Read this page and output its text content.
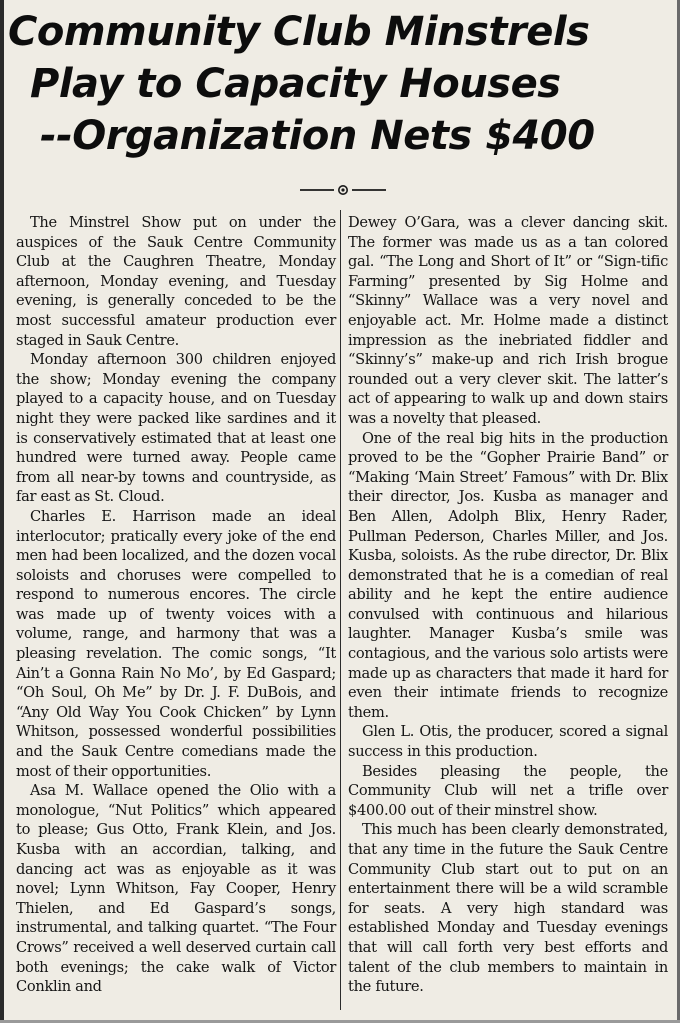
Community Club Minstrels
Play to Capacity Houses
--Organization Nets $400

The Minstrel Show put on under the auspices of the Sauk Centre Community Club at the Caughren Theatre, Monday afternoon, Monday evening, and Tuesday evening, is generally conceded to be the most successful amateur production ever staged in Sauk Centre.

Monday afternoon 300 children enjoyed the show; Monday evening the company played to a capacity house, and on Tuesday night they were packed like sardines and it is conservatively estimated that at least one hundred were turned away. People came from all near-by towns and countryside, as far east as St. Cloud.

Charles E. Harrison made an ideal interlocutor; pratically every joke of the end men had been localized, and the dozen vocal soloists and choruses were compelled to respond to numerous encores. The circle was made up of twenty voices with a volume, range, and harmony that was a pleasing revelation. The comic songs, “It Ain’t a Gonna Rain No Mo’, by Ed Gaspard; “Oh Soul, Oh Me” by Dr. J. F. DuBois, and “Any Old Way You Cook Chicken” by Lynn Whitson, possessed wonderful possibilities and the Sauk Centre comedians made the most of their opportunities.

Asa M. Wallace opened the Olio with a monologue, “Nut Politics” which appeared to please; Gus Otto, Frank Klein, and Jos. Kusba with an accordian, talking, and dancing act was as enjoyable as it was novel; Lynn Whitson, Fay Cooper, Henry Thielen, and Ed Gaspard’s songs, instrumental, and talking quartet. “The Four Crows” received a well deserved curtain call both evenings; the cake walk of Victor Conklin and

Dewey O’Gara, was a clever dancing skit. The former was made us as a tan colored gal. “The Long and Short of It” or “Sign-tific Farming” presented by Sig Holme and “Skinny” Wallace was a very novel and enjoyable act. Mr. Holme made a distinct impression as the inebriated fiddler and “Skinny’s” make-up and rich Irish brogue rounded out a very clever skit. The latter’s act of appearing to walk up and down stairs was a novelty that pleased.

One of the real big hits in the production proved to be the “Gopher Prairie Band” or “Making ‘Main Street’ Famous” with Dr. Blix their director, Jos. Kusba as manager and Ben Allen, Adolph Blix, Henry Rader, Pullman Pederson, Charles Miller, and Jos. Kusba, soloists. As the rube director, Dr. Blix demonstrated that he is a comedian of real ability and he kept the entire audience convulsed with continuous and hilarious laughter. Manager Kusba’s smile was contagious, and the various solo artists were made up as characters that made it hard for even their intimate friends to recognize them.

Glen L. Otis, the producer, scored a signal success in this production.

Besides pleasing the people, the Community Club will net a trifle over $400.00 out of their minstrel show.

This much has been clearly demonstrated, that any time in the future the Sauk Centre Community Club start out to put on an entertainment there will be a wild scramble for seats. A very high standard was established Monday and Tuesday evenings that will call forth very best efforts and talent of the club members to maintain in the future.
